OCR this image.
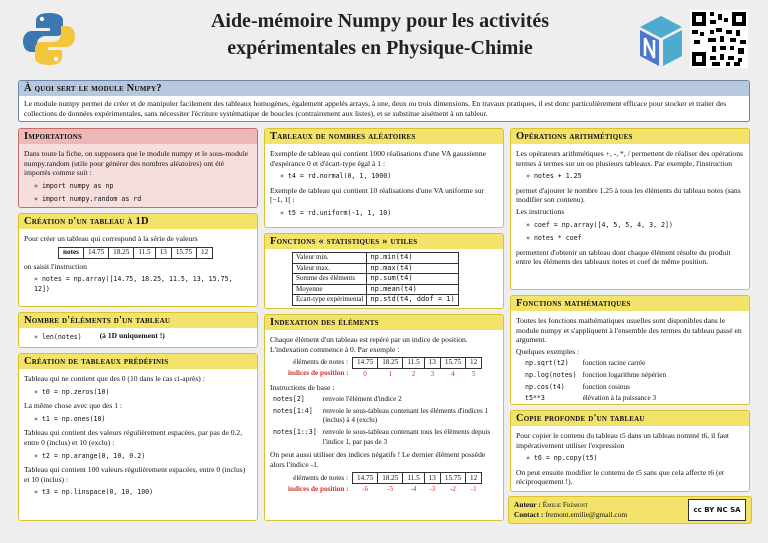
Aide-mémoire Numpy pour les activités
expérimentales en Physique-Chimie
À quoi sert le module Numpy?
Le module numpy permet de créer et de manipuler facilement des tableaux homogènes, également appelés arrays, à une, deux ou trois dimensions. En travaux pratiques, il est donc particulièrement efficace pour stocker et traiter des collections de données expérimentales, sans nécessiter l'écriture systématique de boucles (contrairement aux listes), et se substitue aisément à un tableur.
Importations

Dans toute la fiche, on supposera que le module numpy et le sous-module numpy.random (utile pour générer des nombres aléatoires) ont été importés comme suit :

» import numpy as np
» import numpy.random as rd
Création d'un tableau à 1D

Pour créer un tableau qui correspond à la série de valeurs

notes	14.75	18.25	11.5	13	15.75	12

on saisit l'instruction

» notes = np.array([14.75, 18.25, 11.5, 13, 15.75, 12])
Nombre d'éléments d'un tableau
» len(notes) (à 1D uniquement !)
Création de tableaux prédéfinis

Tableau qui ne contient que des 0 (10 dans le cas ci-après) :

» t0 = np.zeros(10)

La même chose avec que des 1 :

» t1 = np.ones(10)

Tableau qui contient des valeurs régulièrement espacées, par pas de 0.2, entre 0 (inclus) et 10 (exclu) :

» t2 = np.arange(0, 10, 0.2)

Tableau qui contient 100 valeurs régulièrement espacées, entre 0 (inclus) et 10 (inclus) :

» t3 = np.linspace(0, 10, 100)
Tableaux de nombres aléatoires

Exemple de tableau qui contient 1000 réalisations d'une VA gaussienne d'espérance 0 et d'écart-type égal à 1 :

» t4 = rd.normal(0, 1, 1000)

Exemple de tableau qui contient 10 réalisations d'une VA uniforme sur [−1, 1[ :

» t5 = rd.uniform(-1, 1, 10)
Fonctions « statistiques » utiles
Valeur min.	np.min(t4)
Valeur max.	np.max(t4)
Somme des éléments	np.sum(t4)
Moyenne	np.mean(t4)
Écart-type expérimental	np.std(t4, ddof = 1)
Indexation des éléments

Chaque élément d'un tableau est repéré par un indice de position. L'indexation commence à 0. Par exemple :

éléments de notes :	14.75	18.25	11.5	13	15.75	12
indices de position :	0	1	2	3	4	5

Instructions de base :

notes[2]	renvoie l'élément d'indice 2
notes[1:4]	renvoie le sous-tableau contenant les éléments d'indices 1 (inclus) à 4 (exclu)
notes[1::3]	renvoie le sous-tableau contenant tous les éléments depuis l'indice 1, par pas de 3

On peut aussi utiliser des indices négatifs ! Le dernier élément possède alors l'indice -1.

éléments de notes :	14.75	18.25	11.5	13	15.75	12
indices de position :	-6	-5	-4	-3	-2	-1
Opérations arithmétiques

Les opérateurs arithmétiques +, -, *, / permettent de réaliser des opérations termes à termes sur un ou plusieurs tableaux. Par exemple, l'instruction

» notes + 1.25

permet d'ajouter le nombre 1.25 à tous les éléments du tableau notes (sans modifier son contenu).

Les instructions

» coef = np.array([4, 5, 5, 4, 3, 2])
» notes * coef

permettent d'obtenir un tableau dont chaque élément résulte du produit entre les éléments des tableaux notes et coef de même position.

Fonctions mathématiques

Toutes les fonctions mathématiques usuelles sont disponibles dans le module numpy et s'appliquent à l'ensemble des termes du tableau passé en argument.

Quelques exemples :

np.sqrt(t2)	fonction racine carrée
np.log(notes)	fonction logarithme népérien
np.cos(t4)	fonction cosinus
t5**3	élévation à la puissance 3
Copie profonde d'un tableau

Pour copier le contenu du tableau t5 dans un tableau nommé t6, il faut impérativement utiliser l'expression

» t6 = np.copy(t5)

On peut ensuite modifier le contenu de t5 sans que cela affecte t6 (et réciproquement !).

Auteur : Émilie Frémont
Contact : fremont.emilie@gmail.com	cc BY NC SA
